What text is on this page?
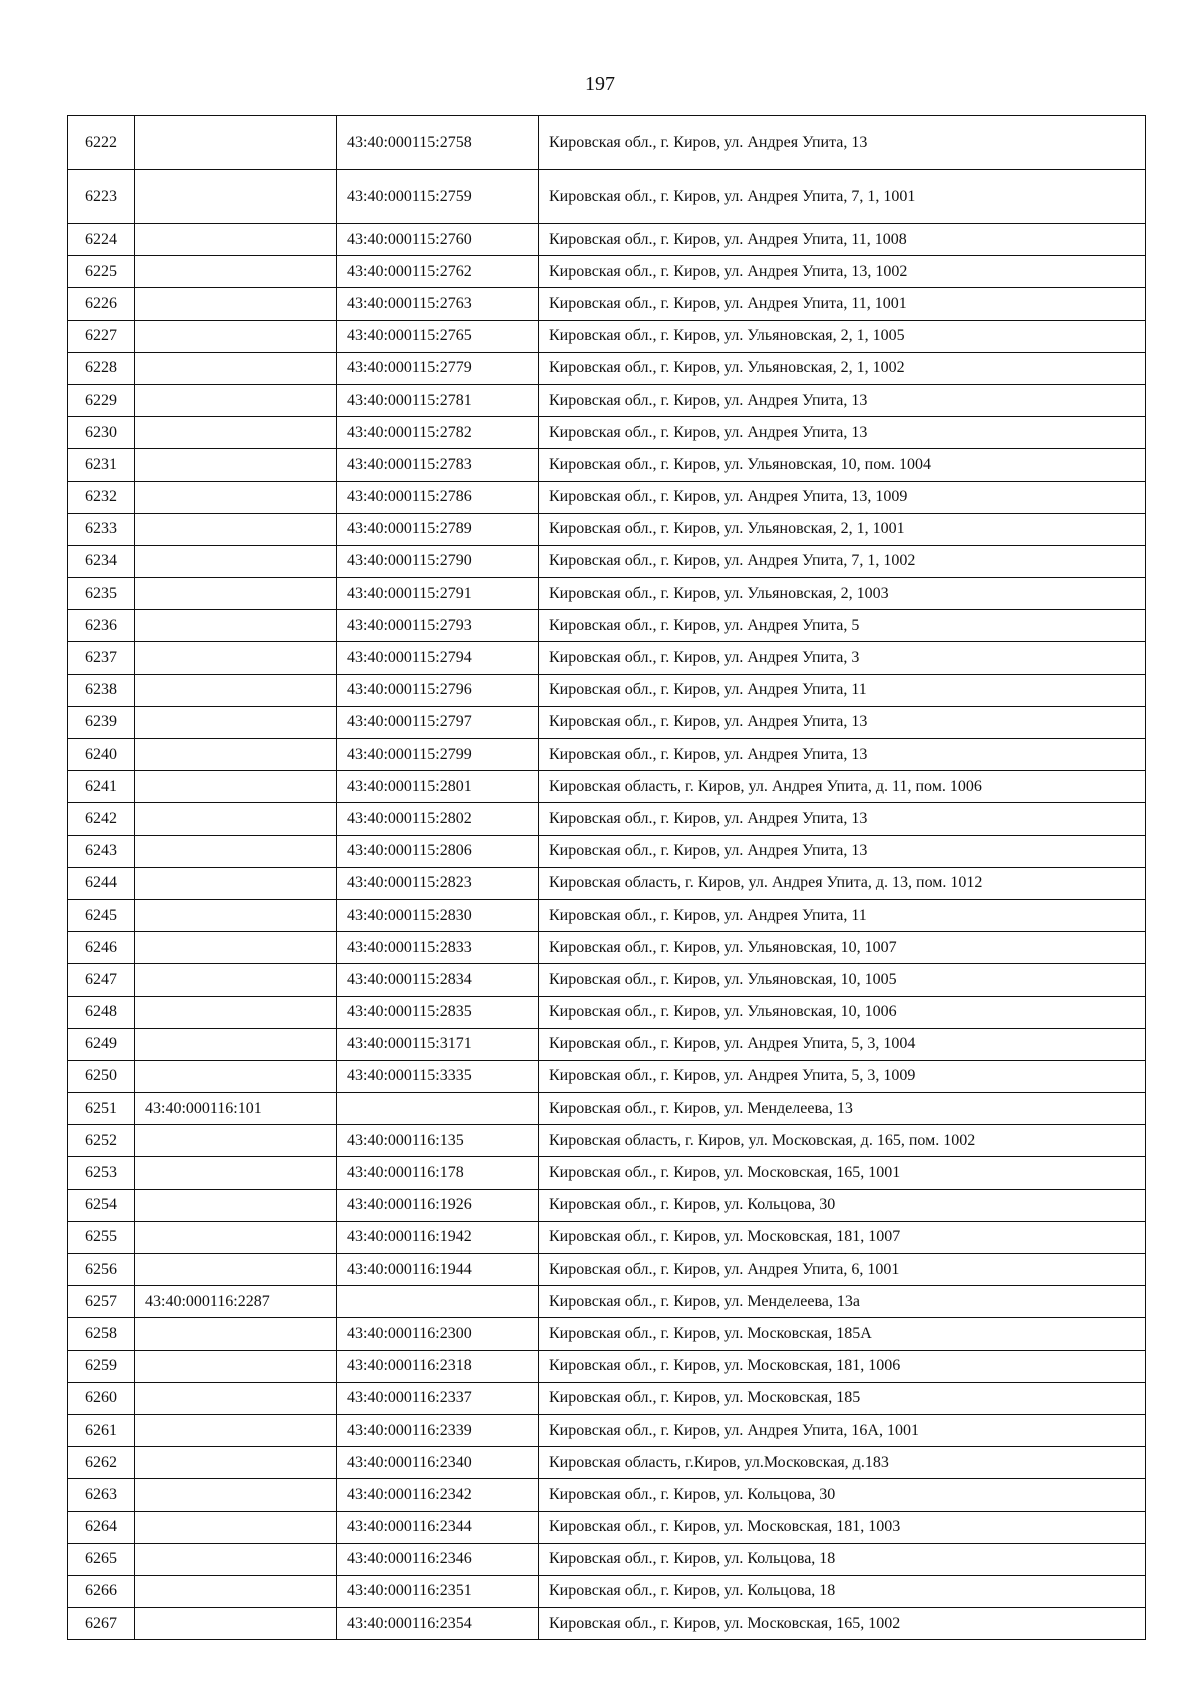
197
6222		43:40:000115:2758	Кировская обл., г. Киров, ул. Андрея Упита, 13
6223		43:40:000115:2759	Кировская обл., г. Киров, ул. Андрея Упита, 7, 1, 1001
6224		43:40:000115:2760	Кировская обл., г. Киров, ул. Андрея Упита, 11, 1008
6225		43:40:000115:2762	Кировская обл., г. Киров, ул. Андрея Упита, 13, 1002
6226		43:40:000115:2763	Кировская обл., г. Киров, ул. Андрея Упита, 11, 1001
6227		43:40:000115:2765	Кировская обл., г. Киров, ул. Ульяновская, 2, 1, 1005
6228		43:40:000115:2779	Кировская обл., г. Киров, ул. Ульяновская, 2, 1, 1002
6229		43:40:000115:2781	Кировская обл., г. Киров, ул. Андрея Упита, 13
6230		43:40:000115:2782	Кировская обл., г. Киров, ул. Андрея Упита, 13
6231		43:40:000115:2783	Кировская обл., г. Киров, ул. Ульяновская, 10, пом. 1004
6232		43:40:000115:2786	Кировская обл., г. Киров, ул. Андрея Упита, 13, 1009
6233		43:40:000115:2789	Кировская обл., г. Киров, ул. Ульяновская, 2, 1, 1001
6234		43:40:000115:2790	Кировская обл., г. Киров, ул. Андрея Упита, 7, 1, 1002
6235		43:40:000115:2791	Кировская обл., г. Киров, ул. Ульяновская, 2, 1003
6236		43:40:000115:2793	Кировская обл., г. Киров, ул. Андрея Упита, 5
6237		43:40:000115:2794	Кировская обл., г. Киров, ул. Андрея Упита, 3
6238		43:40:000115:2796	Кировская обл., г. Киров, ул. Андрея Упита, 11
6239		43:40:000115:2797	Кировская обл., г. Киров, ул. Андрея Упита, 13
6240		43:40:000115:2799	Кировская обл., г. Киров, ул. Андрея Упита, 13
6241		43:40:000115:2801	Кировская область, г. Киров, ул. Андрея Упита, д. 11, пом. 1006
6242		43:40:000115:2802	Кировская обл., г. Киров, ул. Андрея Упита, 13
6243		43:40:000115:2806	Кировская обл., г. Киров, ул. Андрея Упита, 13
6244		43:40:000115:2823	Кировская область, г. Киров, ул. Андрея Упита, д. 13, пом. 1012
6245		43:40:000115:2830	Кировская обл., г. Киров, ул. Андрея Упита, 11
6246		43:40:000115:2833	Кировская обл., г. Киров, ул. Ульяновская, 10, 1007
6247		43:40:000115:2834	Кировская обл., г. Киров, ул. Ульяновская, 10, 1005
6248		43:40:000115:2835	Кировская обл., г. Киров, ул. Ульяновская, 10, 1006
6249		43:40:000115:3171	Кировская обл., г. Киров, ул. Андрея Упита, 5, 3, 1004
6250		43:40:000115:3335	Кировская обл., г. Киров, ул. Андрея Упита, 5, 3, 1009
6251	43:40:000116:101		Кировская обл., г. Киров, ул. Менделеева, 13
6252		43:40:000116:135	Кировская область, г. Киров, ул. Московская, д. 165, пом. 1002
6253		43:40:000116:178	Кировская обл., г. Киров, ул. Московская, 165, 1001
6254		43:40:000116:1926	Кировская обл., г. Киров, ул. Кольцова, 30
6255		43:40:000116:1942	Кировская обл., г. Киров, ул. Московская, 181, 1007
6256		43:40:000116:1944	Кировская обл., г. Киров, ул. Андрея Упита, 6, 1001
6257	43:40:000116:2287		Кировская обл., г. Киров, ул. Менделеева, 13а
6258		43:40:000116:2300	Кировская обл., г. Киров, ул. Московская, 185А
6259		43:40:000116:2318	Кировская обл., г. Киров, ул. Московская, 181, 1006
6260		43:40:000116:2337	Кировская обл., г. Киров, ул. Московская, 185
6261		43:40:000116:2339	Кировская обл., г. Киров, ул. Андрея Упита, 16А, 1001
6262		43:40:000116:2340	Кировская область, г.Киров, ул.Московская, д.183
6263		43:40:000116:2342	Кировская обл., г. Киров, ул. Кольцова, 30
6264		43:40:000116:2344	Кировская обл., г. Киров, ул. Московская, 181, 1003
6265		43:40:000116:2346	Кировская обл., г. Киров, ул. Кольцова, 18
6266		43:40:000116:2351	Кировская обл., г. Киров, ул. Кольцова, 18
6267		43:40:000116:2354	Кировская обл., г. Киров, ул. Московская, 165, 1002
